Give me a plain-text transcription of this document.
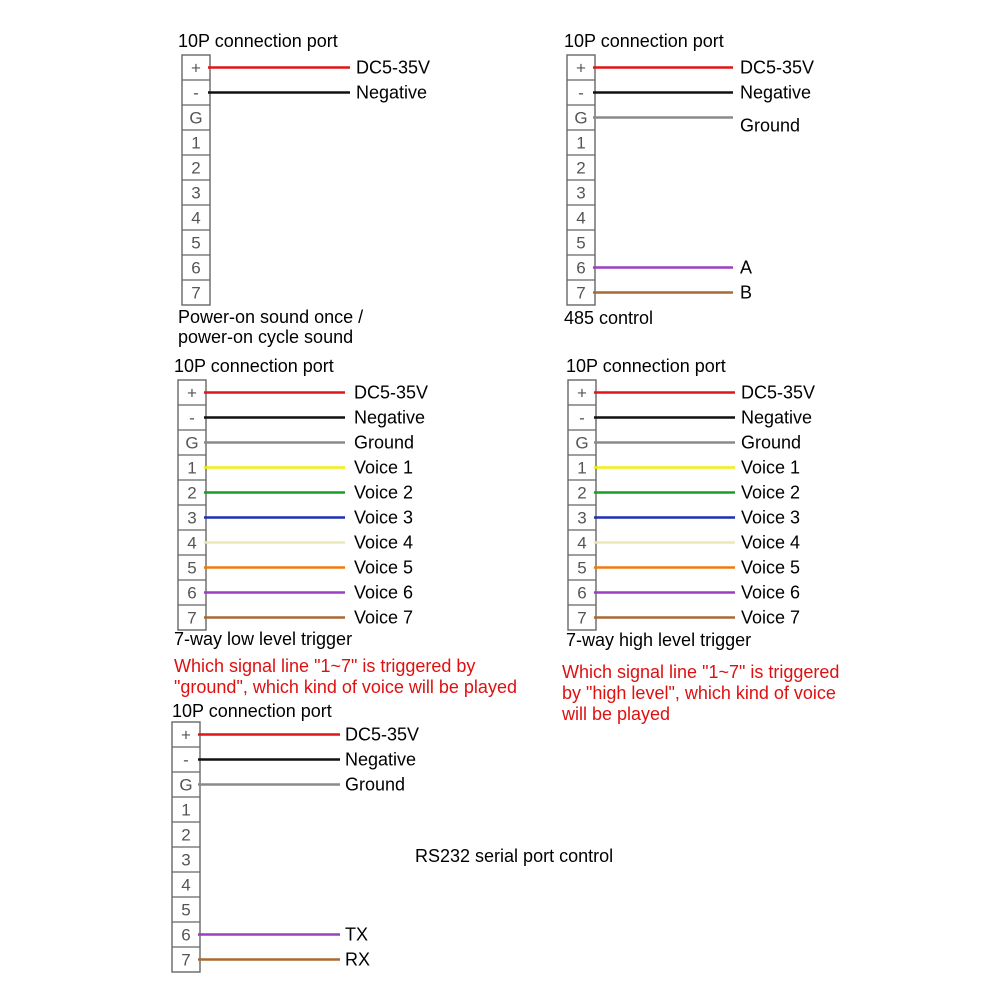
10P connection port
+
-
G
1
2
3
4
5
6
7
DC5-35V
Negative
Power-on sound once /
power-on cycle sound
10P connection port
+
-
G
1
2
3
4
5
6
7
DC5-35V
Negative
Ground
A
B
485 control
10P connection port
+
-
G
1
2
3
4
5
6
7
DC5-35V
Negative
Ground
Voice 1
Voice 2
Voice 3
Voice 4
Voice 5
Voice 6
Voice 7
7-way low level trigger
Which signal line "1~7" is triggered by
"ground", which kind of voice will be played
10P connection port
+
-
G
1
2
3
4
5
6
7
DC5-35V
Negative
Ground
Voice 1
Voice 2
Voice 3
Voice 4
Voice 5
Voice 6
Voice 7
7-way high level trigger
Which signal line "1~7" is triggered
by "high level", which kind of voice
will be played
10P connection port
+
-
G
1
2
3
4
5
6
7
DC5-35V
Negative
Ground
TX
RX
RS232 serial port control
